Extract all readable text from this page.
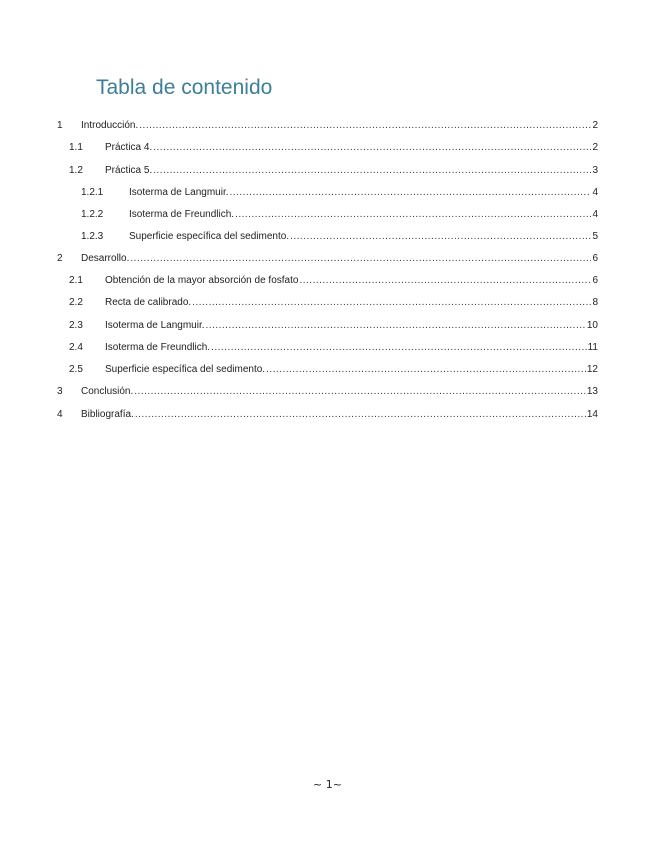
Tabla de contenido
1	Introducción. .....	2
1.1	Práctica 4. .....	2
1.2	Práctica 5. .....	3
1.2.1	Isoterma de Langmuir. .....	4
1.2.2	Isoterma de Freundlich. .....	4
1.2.3	Superficie específica del sedimento. .....	5
2	Desarrollo. .....	6
2.1	Obtención de la mayor absorción de fosfato .....	6
2.2	Recta de calibrado. .....	8
2.3	Isoterma de Langmuir. .....	10
2.4	Isoterma de Freundlich. .....	11
2.5	Superficie específica del sedimento. .....	12
3	Conclusión. .....	13
4	Bibliografía. .....	14
~ 1~
